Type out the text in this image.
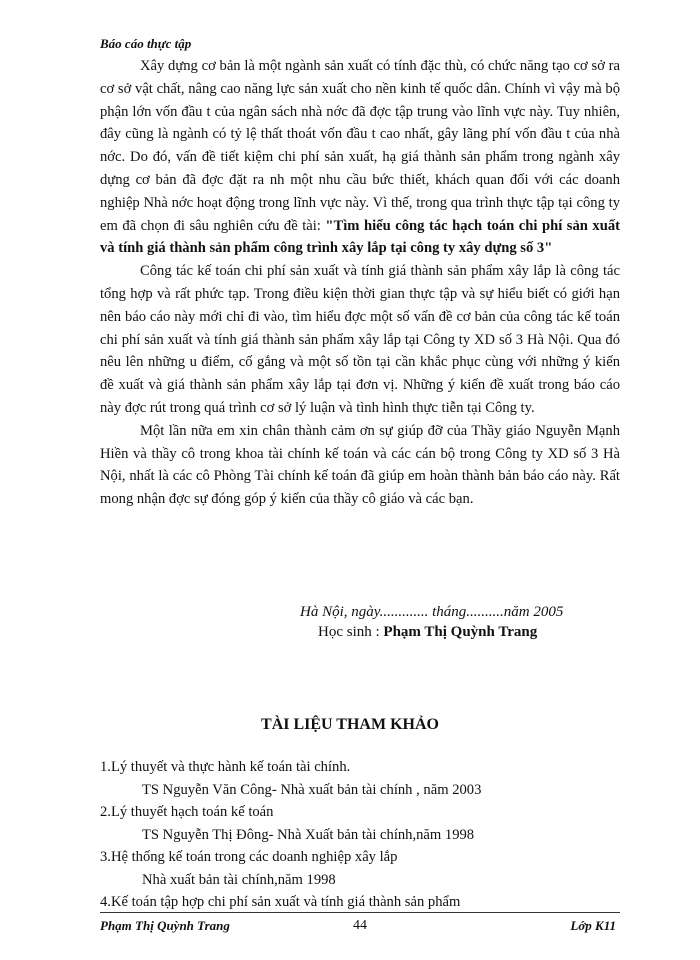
Báo cáo thực tập

Xây dựng cơ bản là một ngành sản xuất có tính đặc thù, có chức năng tạo cơ sở ra cơ sở vật chất, nâng cao năng lực sản xuất cho nền kinh tế quốc dân. Chính vì vậy mà bộ phận lớn vốn đầu t của ngân sách nhà nớc đã đợc tập trung vào lĩnh vực này. Tuy nhiên, đây cũng là ngành có tỷ lệ thất thoát vốn đầu t cao nhất, gây lãng phí vốn đầu t của nhà nớc. Do đó, vấn đề tiết kiệm chi phí sản xuất, hạ giá thành sản phẩm trong ngành xây dựng cơ bản đã đợc đặt ra nh một nhu cầu bức thiết, khách quan đối với các doanh nghiệp Nhà nớc hoạt động trong lĩnh vực này. Vì thế, trong qua trình thực tập tại công ty em đã chọn đi sâu nghiên cứu đề tài: "Tìm hiểu công tác hạch toán chi phí sản xuất và tính giá thành sản phẩm công trình xây lắp tại công ty xây dựng số 3"

Công tác kế toán chi phí sản xuất và tính giá thành sản phẩm xây lắp là công tác tổng hợp và rất phức tạp. Trong điều kiện thời gian thực tập và sự hiểu biết có giới hạn nên báo cáo này mới chỉ đi vào, tìm hiểu đợc một số vấn đề cơ bản của công tác kế toán chi phí sản xuất và tính giá thành sản phẩm xây lắp tại Công ty XD số 3 Hà Nội. Qua đó nêu lên những u điểm, cố gắng và một số tồn tại cần khắc phục cùng với những ý kiến đề xuất và giá thành sản phẩm xây lắp tại đơn vị. Những ý kiến đề xuất trong báo cáo này đợc rút trong quá trình cơ sở lý luận và tình hình thực tiễn tại Công ty.

Một lần nữa em xin chân thành cảm ơn sự giúp đỡ của Thầy giáo Nguyễn Mạnh Hiền và thầy cô trong khoa tài chính kế toán và các cán bộ trong Công ty XD số 3 Hà Nội, nhất là các cô Phòng Tài chính kế toán đã giúp em hoàn thành bản báo cáo này. Rất mong nhận đợc sự đóng góp ý kiến của thầy cô giáo và các bạn.

Hà Nội, ngày............. tháng..........năm 2005
Học sinh : Phạm Thị Quỳnh Trang
TÀI LIỆU THAM KHẢO
1.Lý thuyết và thực hành kế toán tài chính.
TS Nguyễn Văn Công- Nhà xuất bản tài chính , năm 2003
2.Lý thuyết hạch toán kế toán
TS Nguyễn Thị Đông- Nhà Xuất bản tài chính,năm 1998
3.Hệ thống kế toán trong các doanh nghiệp xây lắp
Nhà xuất bản tài chính,năm 1998
4.Kế toán tập hợp chi phí sản xuất và tính giá thành sản phẩm
Phạm Thị Quỳnh Trang	44	Lớp K11
